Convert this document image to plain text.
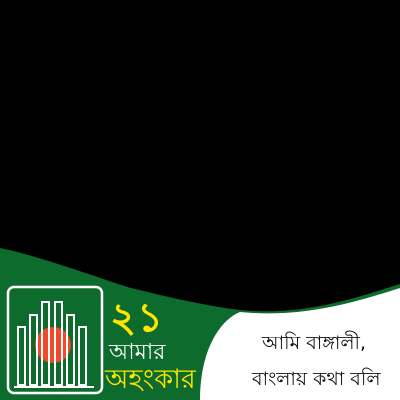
২১
আমার
অহংকার
আমি বাঙ্গালী,
বাংলায় কথা বলি
